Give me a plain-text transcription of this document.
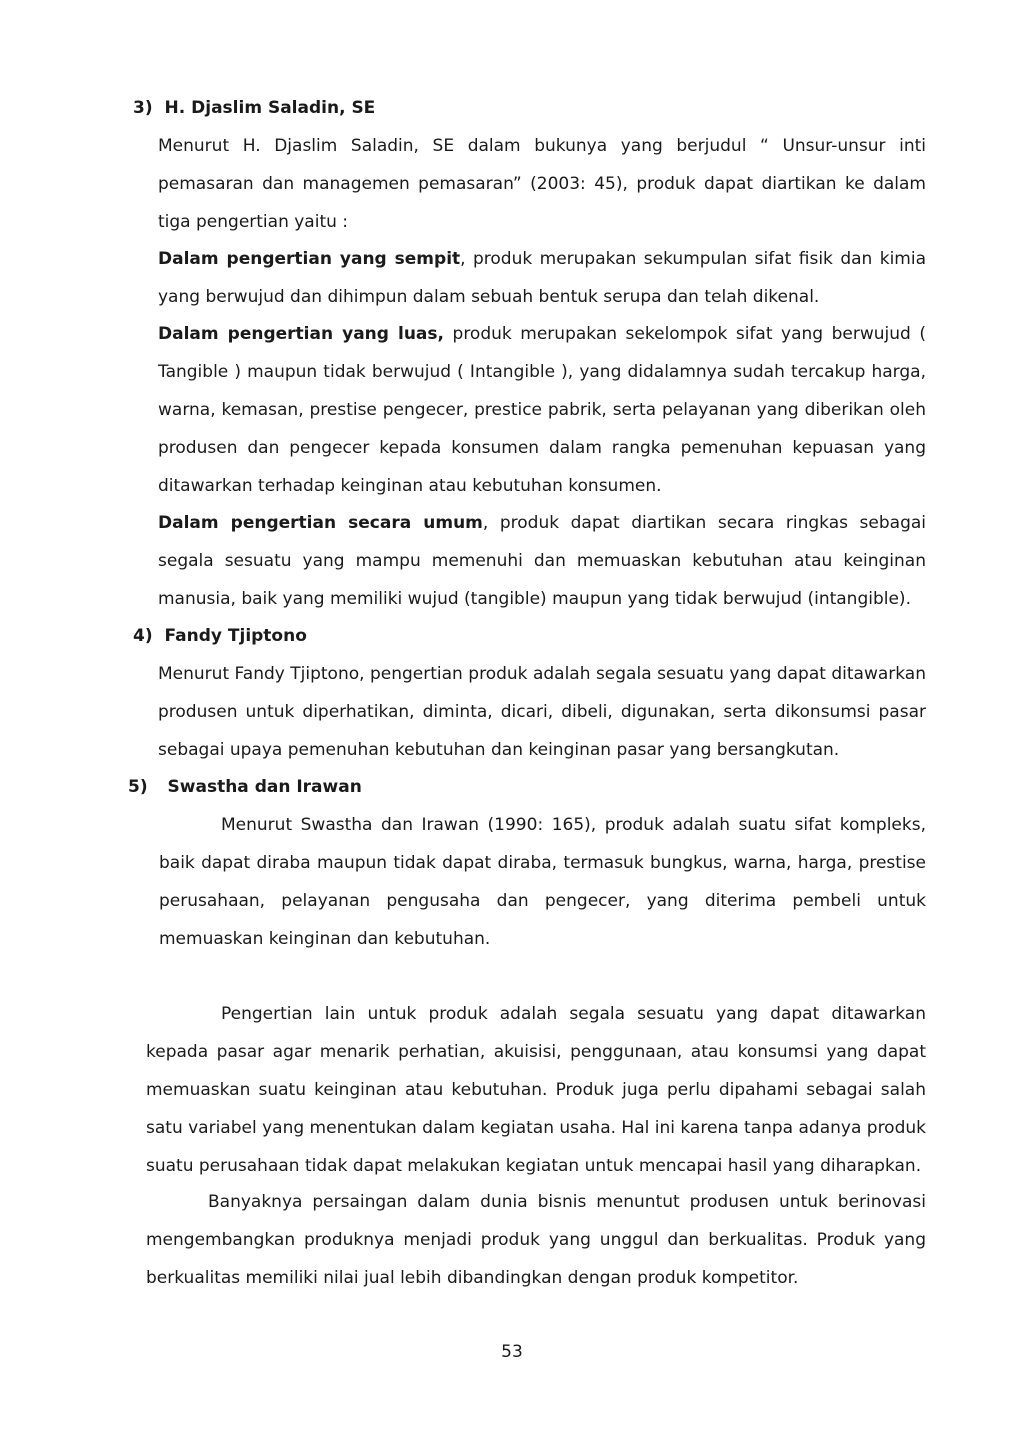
3) H. Djaslim Saladin, SE

Menurut H. Djaslim Saladin, SE dalam bukunya yang berjudul “ Unsur-unsur inti pemasaran dan managemen pemasaran” (2003: 45), produk dapat diartikan ke dalam tiga pengertian yaitu :

Dalam pengertian yang sempit, produk merupakan sekumpulan sifat fisik dan kimia yang berwujud dan dihimpun dalam sebuah bentuk serupa dan telah dikenal.

Dalam pengertian yang luas, produk merupakan sekelompok sifat yang berwujud ( Tangible ) maupun tidak berwujud ( Intangible ), yang didalamnya sudah tercakup harga, warna, kemasan, prestise pengecer, prestice pabrik, serta pelayanan yang diberikan oleh produsen dan pengecer kepada konsumen dalam rangka pemenuhan kepuasan yang ditawarkan terhadap keinginan atau kebutuhan konsumen.

Dalam pengertian secara umum, produk dapat diartikan secara ringkas sebagai segala sesuatu yang mampu memenuhi dan memuaskan kebutuhan atau keinginan manusia, baik yang memiliki wujud (tangible) maupun yang tidak berwujud (intangible).

4) Fandy Tjiptono

Menurut Fandy Tjiptono, pengertian produk adalah segala sesuatu yang dapat ditawarkan produsen untuk diperhatikan, diminta, dicari, dibeli, digunakan, serta dikonsumsi pasar sebagai upaya pemenuhan kebutuhan dan keinginan pasar yang bersangkutan.

5) Swastha dan Irawan

Menurut Swastha dan Irawan (1990: 165), produk adalah suatu sifat kompleks, baik dapat diraba maupun tidak dapat diraba, termasuk bungkus, warna, harga, prestise perusahaan, pelayanan pengusaha dan pengecer, yang diterima pembeli untuk memuaskan keinginan dan kebutuhan.

Pengertian lain untuk produk adalah segala sesuatu yang dapat ditawarkan kepada pasar agar menarik perhatian, akuisisi, penggunaan, atau konsumsi yang dapat memuaskan suatu keinginan atau kebutuhan. Produk juga perlu dipahami sebagai salah satu variabel yang menentukan dalam kegiatan usaha. Hal ini karena tanpa adanya produk suatu perusahaan tidak dapat melakukan kegiatan untuk mencapai hasil yang diharapkan.

Banyaknya persaingan dalam dunia bisnis menuntut produsen untuk berinovasi mengembangkan produknya menjadi produk yang unggul dan berkualitas. Produk yang berkualitas memiliki nilai jual lebih dibandingkan dengan produk kompetitor.

53
